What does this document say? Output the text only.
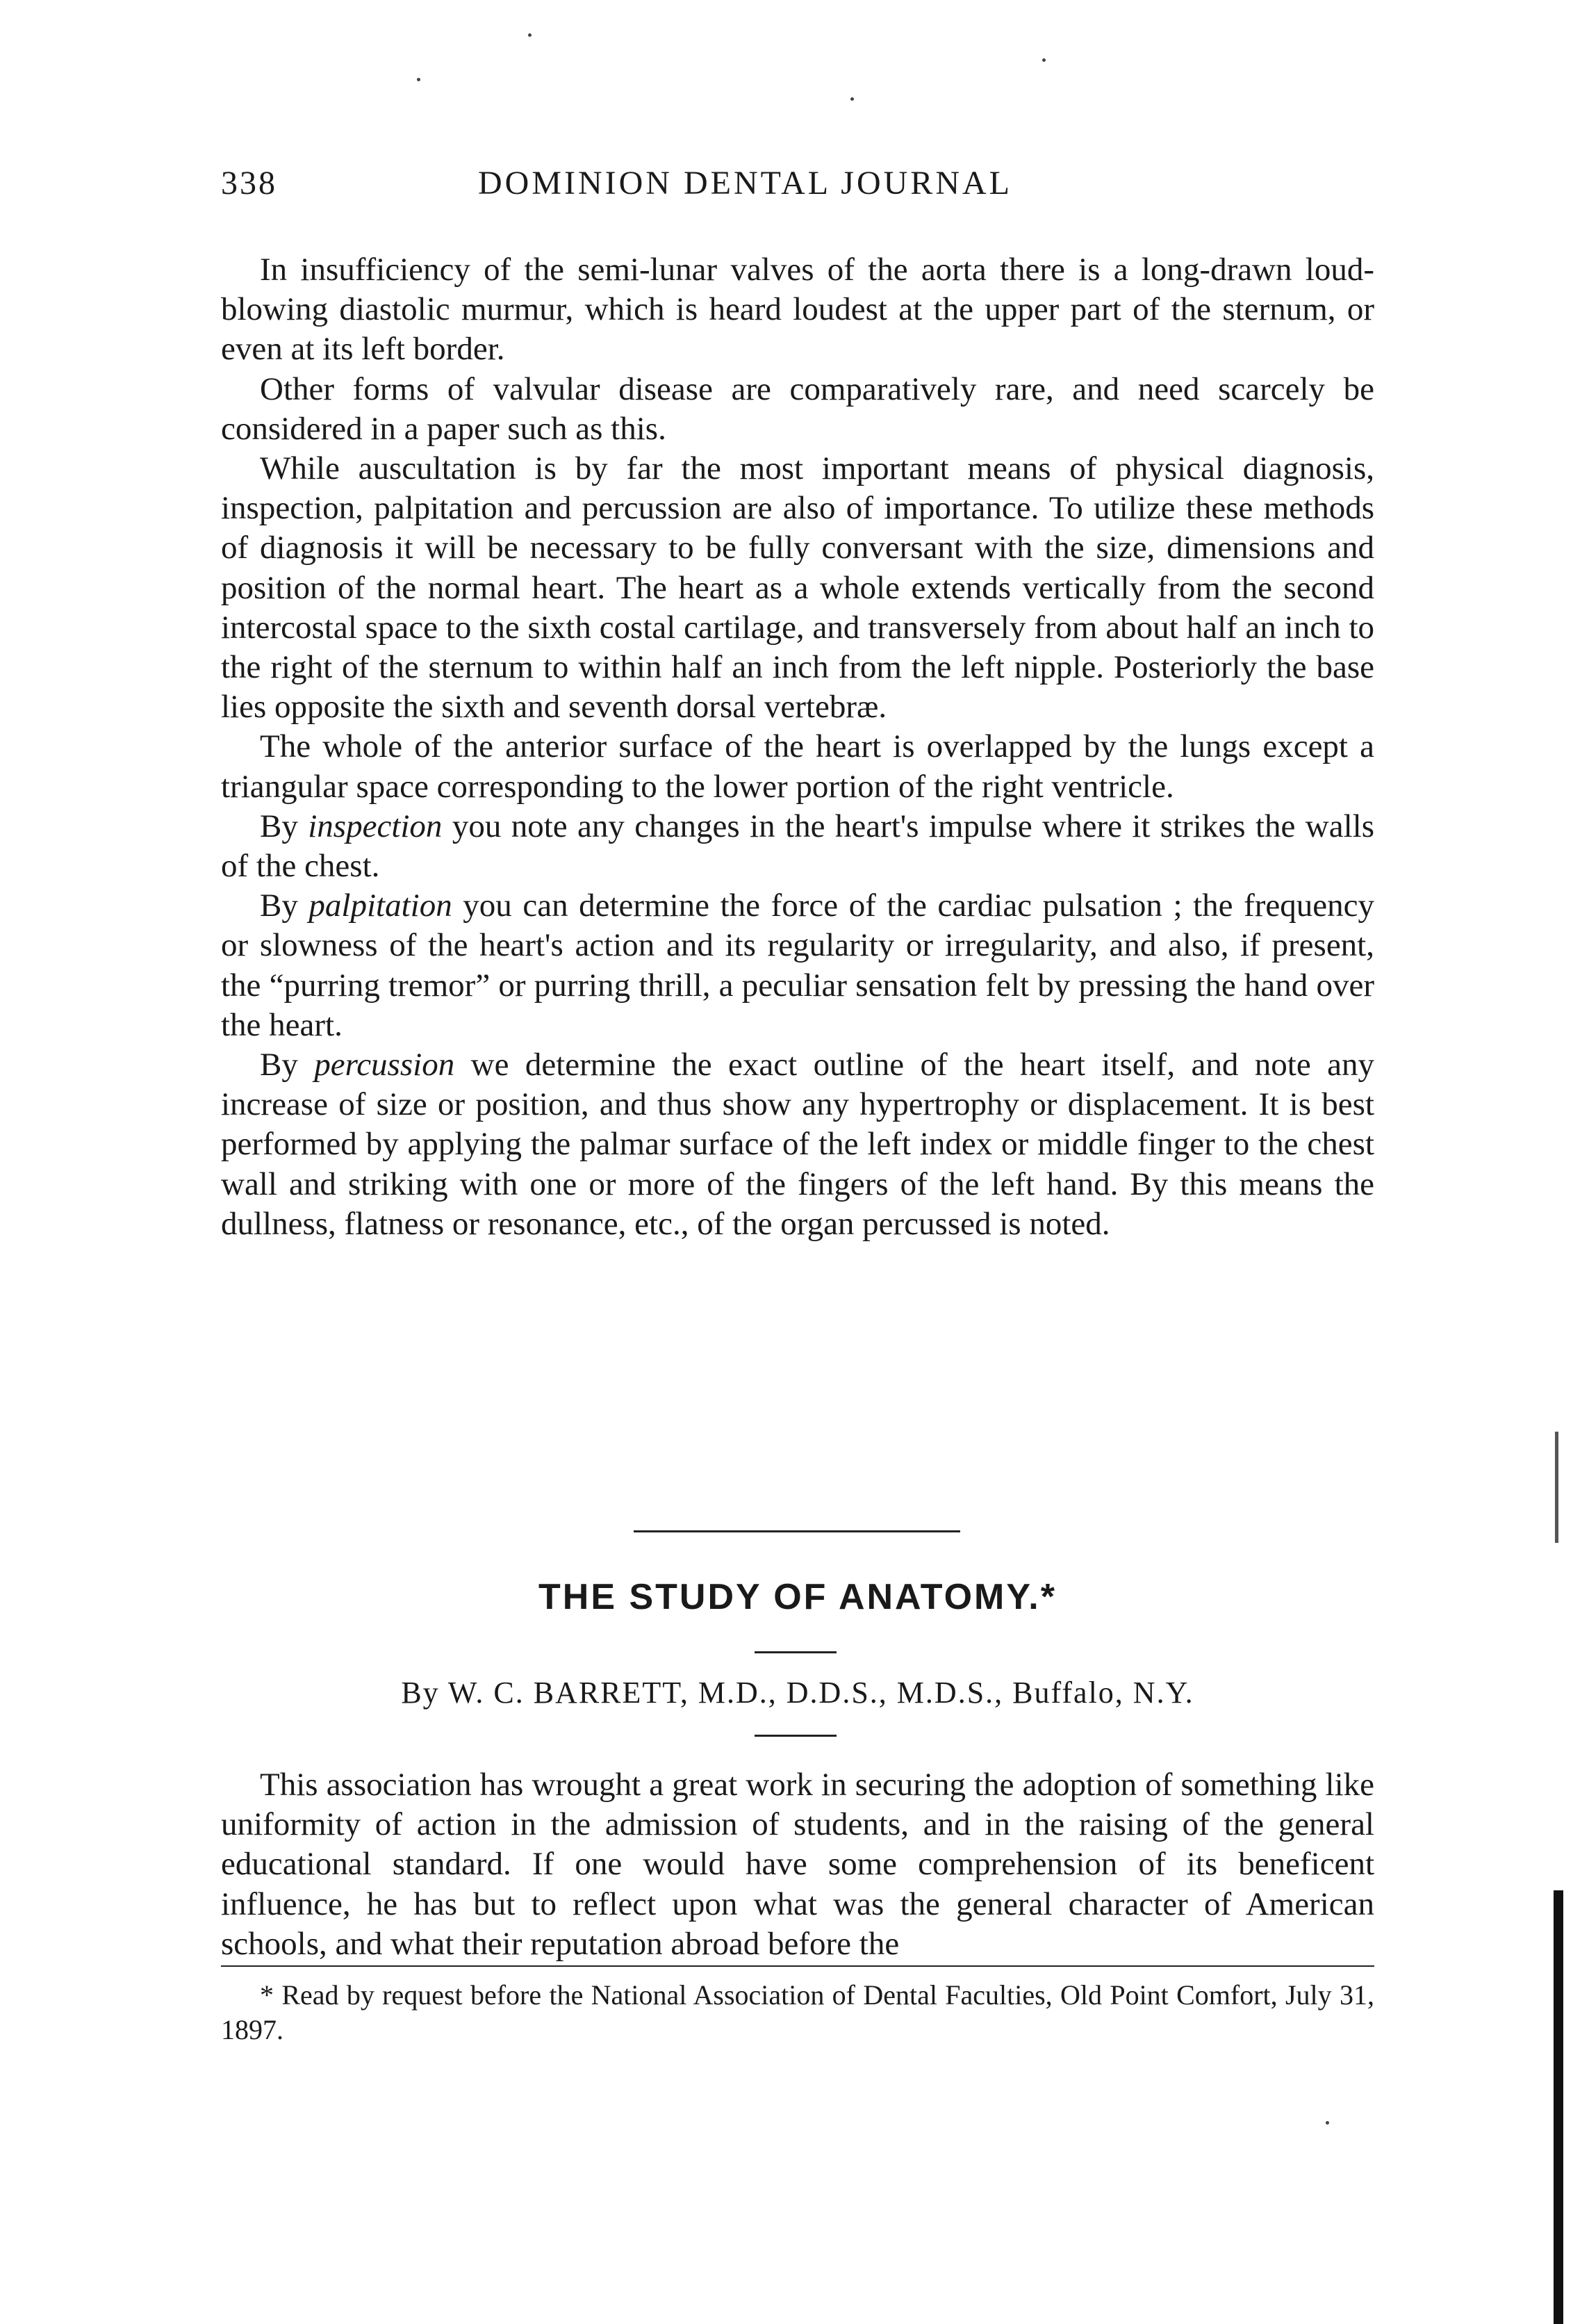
338	DOMINION DENTAL JOURNAL

In insufficiency of the semi-lunar valves of the aorta there is a long-drawn loud-blowing diastolic murmur, which is heard loudest at the upper part of the sternum, or even at its left border.

Other forms of valvular disease are comparatively rare, and need scarcely be considered in a paper such as this.

While auscultation is by far the most important means of physical diagnosis, inspection, palpitation and percussion are also of importance. To utilize these methods of diagnosis it will be necessary to be fully conversant with the size, dimensions and position of the normal heart. The heart as a whole extends vertically from the second intercostal space to the sixth costal cartilage, and transversely from about half an inch to the right of the sternum to within half an inch from the left nipple. Posteriorly the base lies opposite the sixth and seventh dorsal vertebræ.

The whole of the anterior surface of the heart is overlapped by the lungs except a triangular space corresponding to the lower portion of the right ventricle.

By inspection you note any changes in the heart's impulse where it strikes the walls of the chest.

By palpitation you can determine the force of the cardiac pulsation ; the frequency or slowness of the heart's action and its regularity or irregularity, and also, if present, the “purring tremor” or purring thrill, a peculiar sensation felt by pressing the hand over the heart.

By percussion we determine the exact outline of the heart itself, and note any increase of size or position, and thus show any hypertrophy or displacement. It is best performed by applying the palmar surface of the left index or middle finger to the chest wall and striking with one or more of the fingers of the left hand. By this means the dullness, flatness or resonance, etc., of the organ percussed is noted.

THE STUDY OF ANATOMY.*
By W. C. BARRETT, M.D., D.D.S., M.D.S., Buffalo, N.Y.

This association has wrought a great work in securing the adoption of something like uniformity of action in the admission of students, and in the raising of the general educational standard. If one would have some comprehension of its beneficent influence, he has but to reflect upon what was the general character of American schools, and what their reputation abroad before the

* Read by request before the National Association of Dental Faculties, Old Point Comfort, July 31, 1897.
